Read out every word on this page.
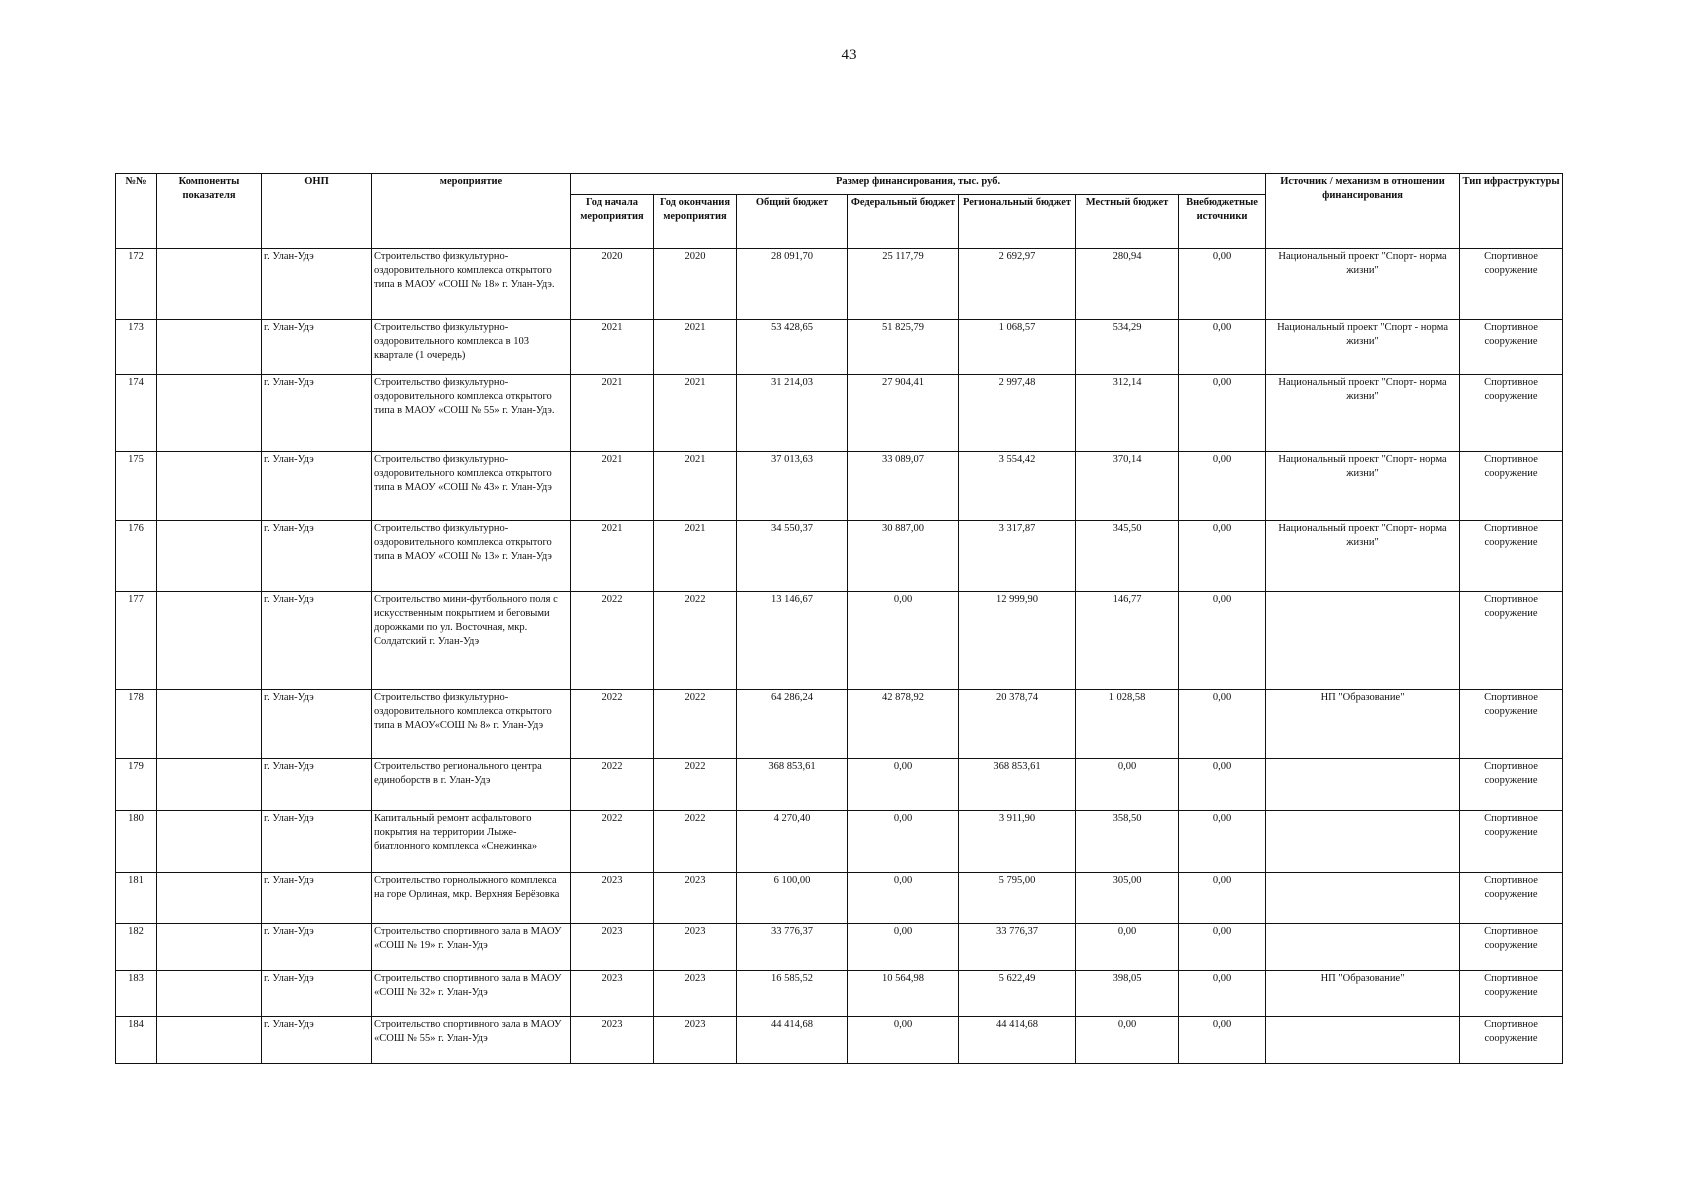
43
№№	Компоненты показателя	ОНП	мероприятие	Размер финансирования, тыс. руб.							Источник / механизм в отношении финансирования	Тип ифраструктуры
				Год начала мероприятия	Год окончания мероприятия	Общий бюджет	Федеральный бюджет	Региональный бюджет	Местный бюджет	Внебюджетные источники		
172		г. Улан-Удэ	Строительство физкультурно-оздоровительного комплекса открытого типа в МАОУ «СОШ № 18» г. Улан-Удэ.	2020	2020	28 091,70	25 117,79	2 692,97	280,94	0,00	Национальный проект "Спорт- норма жизни"	Спортивное сооружение
173		г. Улан-Удэ	Строительство физкультурно-оздоровительного комплекса в 103 квартале (1 очередь)	2021	2021	53 428,65	51 825,79	1 068,57	534,29	0,00	Национальный проект "Спорт - норма жизни"	Спортивное сооружение
174		г. Улан-Удэ	Строительство физкультурно-оздоровительного комплекса открытого типа в МАОУ «СОШ № 55» г. Улан-Удэ.	2021	2021	31 214,03	27 904,41	2 997,48	312,14	0,00	Национальный проект "Спорт- норма жизни"	Спортивное сооружение
175		г. Улан-Удэ	Строительство физкультурно-оздоровительного комплекса открытого типа в МАОУ «СОШ № 43» г. Улан-Удэ	2021	2021	37 013,63	33 089,07	3 554,42	370,14	0,00	Национальный проект "Спорт- норма жизни"	Спортивное сооружение
176		г. Улан-Удэ	Строительство физкультурно-оздоровительного комплекса открытого типа в МАОУ «СОШ № 13» г. Улан-Удэ	2021	2021	34 550,37	30 887,00	3 317,87	345,50	0,00	Национальный проект "Спорт- норма жизни"	Спортивное сооружение
177		г. Улан-Удэ	Строительство мини-футбольного поля с искусственным покрытием и беговыми дорожками по ул. Восточная, мкр. Солдатский г. Улан-Удэ	2022	2022	13 146,67	0,00	12 999,90	146,77	0,00		Спортивное сооружение
178		г. Улан-Удэ	Строительство физкультурно-оздоровительного комплекса открытого типа в МАОУ«СОШ № 8» г. Улан-Удэ	2022	2022	64 286,24	42 878,92	20 378,74	1 028,58	0,00	НП "Образование"	Спортивное сооружение
179		г. Улан-Удэ	Строительство регионального центра единоборств в г. Улан-Удэ	2022	2022	368 853,61	0,00	368 853,61	0,00	0,00		Спортивное сооружение
180		г. Улан-Удэ	Капитальный ремонт асфальтового покрытия на территории Лыже-биатлонного комплекса «Снежинка»	2022	2022	4 270,40	0,00	3 911,90	358,50	0,00		Спортивное сооружение
181		г. Улан-Удэ	Строительство горнолыжного комплекса на горе Орлиная, мкр. Верхняя Берёзовка	2023	2023	6 100,00	0,00	5 795,00	305,00	0,00		Спортивное сооружение
182		г. Улан-Удэ	Строительство спортивного зала в МАОУ «СОШ № 19» г. Улан-Удэ	2023	2023	33 776,37	0,00	33 776,37	0,00	0,00		Спортивное сооружение
183		г. Улан-Удэ	Строительство спортивного зала в МАОУ «СОШ № 32» г. Улан-Удэ	2023	2023	16 585,52	10 564,98	5 622,49	398,05	0,00	НП "Образование"	Спортивное сооружение
184		г. Улан-Удэ	Строительство спортивного зала в МАОУ «СОШ № 55» г. Улан-Удэ	2023	2023	44 414,68	0,00	44 414,68	0,00	0,00		Спортивное сооружение
